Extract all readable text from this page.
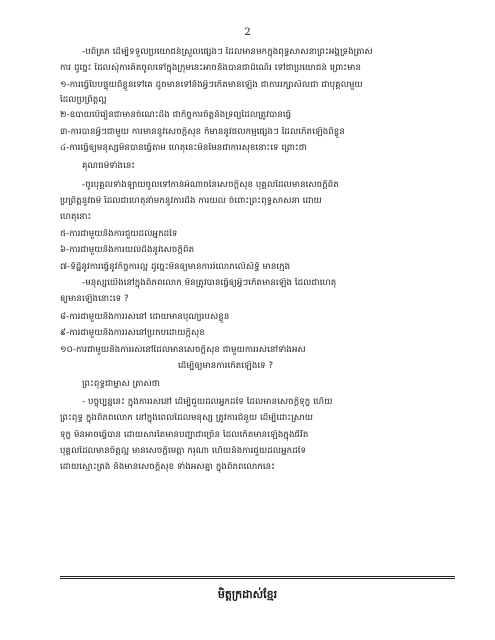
2
-បពិត្រភ​ ដើម្បីទទួលប្រយោជន៍ស្រួលផ្សេងៗ ដែលមានមកក្នុងពុទ្ធសាសនា​ព្រះអង្គទ្រង់ត្រាស់
ការ ដូច្នេះ​ ដែលសុំការគិតចូលទៅក្នុងក្រុមនេះអាចនឹងបានជាដំណើរ​ ទៅជាប្រយោជន៍ ព្រោះមាន
១-ការធ្វើបែបផ្ទុយពីខ្លួនទៅគេ ដូចមានទៅនឹងអ្វីៗកើតមានឡើង​ ជាការរក្សាសីលជា ជាបុគ្គលមួយ
ដែលប្រព្រឹត្តល្អ
២-ឧបាយបើរៀនជាមានចំណេះដឹង​ ជាកិច្ចការចិត្តនិងទ្រព្យដែលត្រូវបានធ្វើ
៣-ការបានអ្វីៗជាមួយ ការមាននូវសេចក្តីសុខ ក៏មាននូវផលកម្មផ្សេងៗ​ ដែលកើតឡើងពីខ្លួន
៤-ការធ្វើឲ្យមនុស្សមិនបានធ្វើតាម ​ហេតុនេះមិនមែនជាការសុខនោះទេ​ ព្រោះថា
គុណធម៌ទាំងនេះ
-ចូរបុគ្គលទាំងឡាយចូលទៅកាន់អំណាចនៃសេចក្តីសុខ​ បុគ្គលដែលមានសេចក្តីពិត
ប្រព្រឹត្តនូវធម៌ ដែលជាហេតុនាំមកនូវការដឹង ការយល់ ចំពោះព្រះពុទ្ធសាសនា ដោយ
ហេតុនោះ
៥-ការ​ជាមួយនឹងការជួយដល់អ្នកដទៃ
៦-ការ​ជាមួយនឹងការយល់ដឹងនូវសេចក្តីពិត
៧-ទិដ្ឋិនូវការធ្វើនូវកិច្ចការល្អ ដូច្នេះ​មិនឲ្យមានការរំលោភលើសិទ្ធិ មានក្មេង
-មនុស្សយើងនៅក្នុងពិភពលោក មិនត្រូវបានធ្វើឲ្យអ្វីៗកើតមានឡើង ដែលជាហេតុ
ឲ្យមានឡើងនោះទេ ?
៨-ការ​ជាមួយនឹងការរស់នៅ ដោយមានបុណ្យរបស់ខ្លួន
៩-ការ​ជាមួយនឹងការរស់នៅប្រកបដោយក្តីសុខ
១០-ការ​ជាមួយនឹងការរស់នៅដែលមានសេចក្តីសុខ ជាមួយការរស់នៅទាំងអស់
ដើម្បីឲ្យមានការកើតឡើងទេ ?
ព្រះពុទ្ធជាម្ចាស់ ត្រាស់ថា
- បច្ចុប្បន្ននេះ ក្នុងការរស់នៅ ដើម្បីជួយដល់អ្នកដទៃ ដែលមានសេចក្តីទុក្ខ ហើយ
ព្រះពុទ្ធ ក្នុងពិភពលោក នៅក្នុងពេលដែលមនុស្ស ត្រូវការជំនួយ​ ដើម្បីដោះស្រាយ
ទុក្ខ មិនអាចធ្វើបាន ដោយសារតែមានបញ្ហាជាច្រើន ដែលកើតមានឡើងក្នុងជីវិត
បុគ្គលដែលមានចិត្តល្អ មានសេចក្តីមេត្តា ករុណា ហើយនិងការជួយដល់អ្នកដទៃ
ដោយស្មោះត្រង់ និងមានសេចក្តីសុខ ទាំងអស់គ្នា ក្នុងពិភពលោកនេះ
មិត្តក្រដាស់ខ្មែរ
